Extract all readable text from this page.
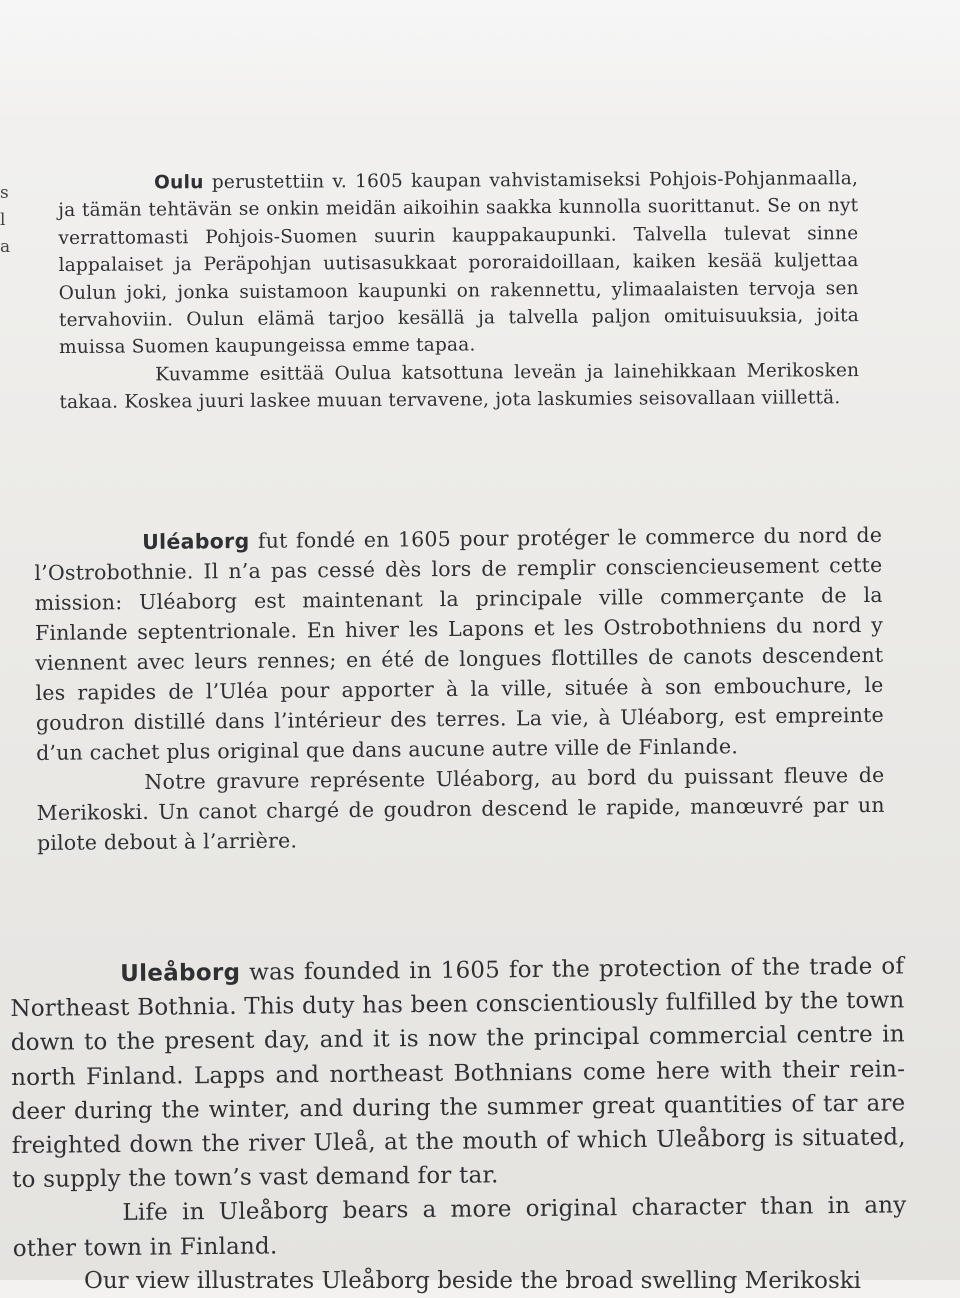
s
l
a

Oulu perustettiin v. 1605 kaupan vahvistamiseksi Pohjois-Pohjanmaalla, ja tämän tehtävän se onkin meidän aikoihin saakka kunnolla suorittanut. Se on nyt verrattomasti Pohjois-Suomen suurin kauppakaupunki. Talvella tulevat sinne lappalaiset ja Peräpohjan uutisasukkaat pororaidoillaan, kaiken kesää kuljettaa Oulun joki, jonka suistamoon kaupunki on rakennettu, ylimaalaisten tervoja sen tervahoviin. Oulun elämä tarjoo kesällä ja talvella paljon omituisuuksia, joita muissa Suomen kaupungeissa emme tapaa.

Kuvamme esittää Oulua katsottuna leveän ja lainehikkaan Merikosken takaa. Koskea juuri laskee muuan tervavene, jota laskumies seisovallaan viillettä.

Uléaborg fut fondé en 1605 pour protéger le commerce du nord de l’Ostrobothnie. Il n’a pas cessé dès lors de remplir consciencieusement cette mission: Uléaborg est maintenant la principale ville commerçante de la Finlande septentrionale. En hiver les Lapons et les Ostrobothniens du nord y viennent avec leurs rennes; en été de longues flottilles de canots descendent les rapides de l’Uléa pour apporter à la ville, située à son embouchure, le goudron distillé dans l’intérieur des terres. La vie, à Uléaborg, est empreinte d’un cachet plus original que dans aucune autre ville de Finlande.

Notre gravure représente Uléaborg, au bord du puissant fleuve de Merikoski. Un canot chargé de goudron descend le rapide, manœuvré par un pilote debout à l’arrière.

Uleåborg was founded in 1605 for the protection of the trade of Northeast Bothnia. This duty has been conscientiously fulfilled by the town down to the present day, and it is now the principal commercial centre in north Finland. Lapps and northeast Bothnians come here with their rein-deer during the winter, and during the summer great quantities of tar are freighted down the river Uleå, at the mouth of which Uleåborg is situated, to supply the town’s vast demand for tar.

Life in Uleåborg bears a more original character than in any other town in Finland.

Our view illustrates Uleåborg beside the broad swelling Merikoski
